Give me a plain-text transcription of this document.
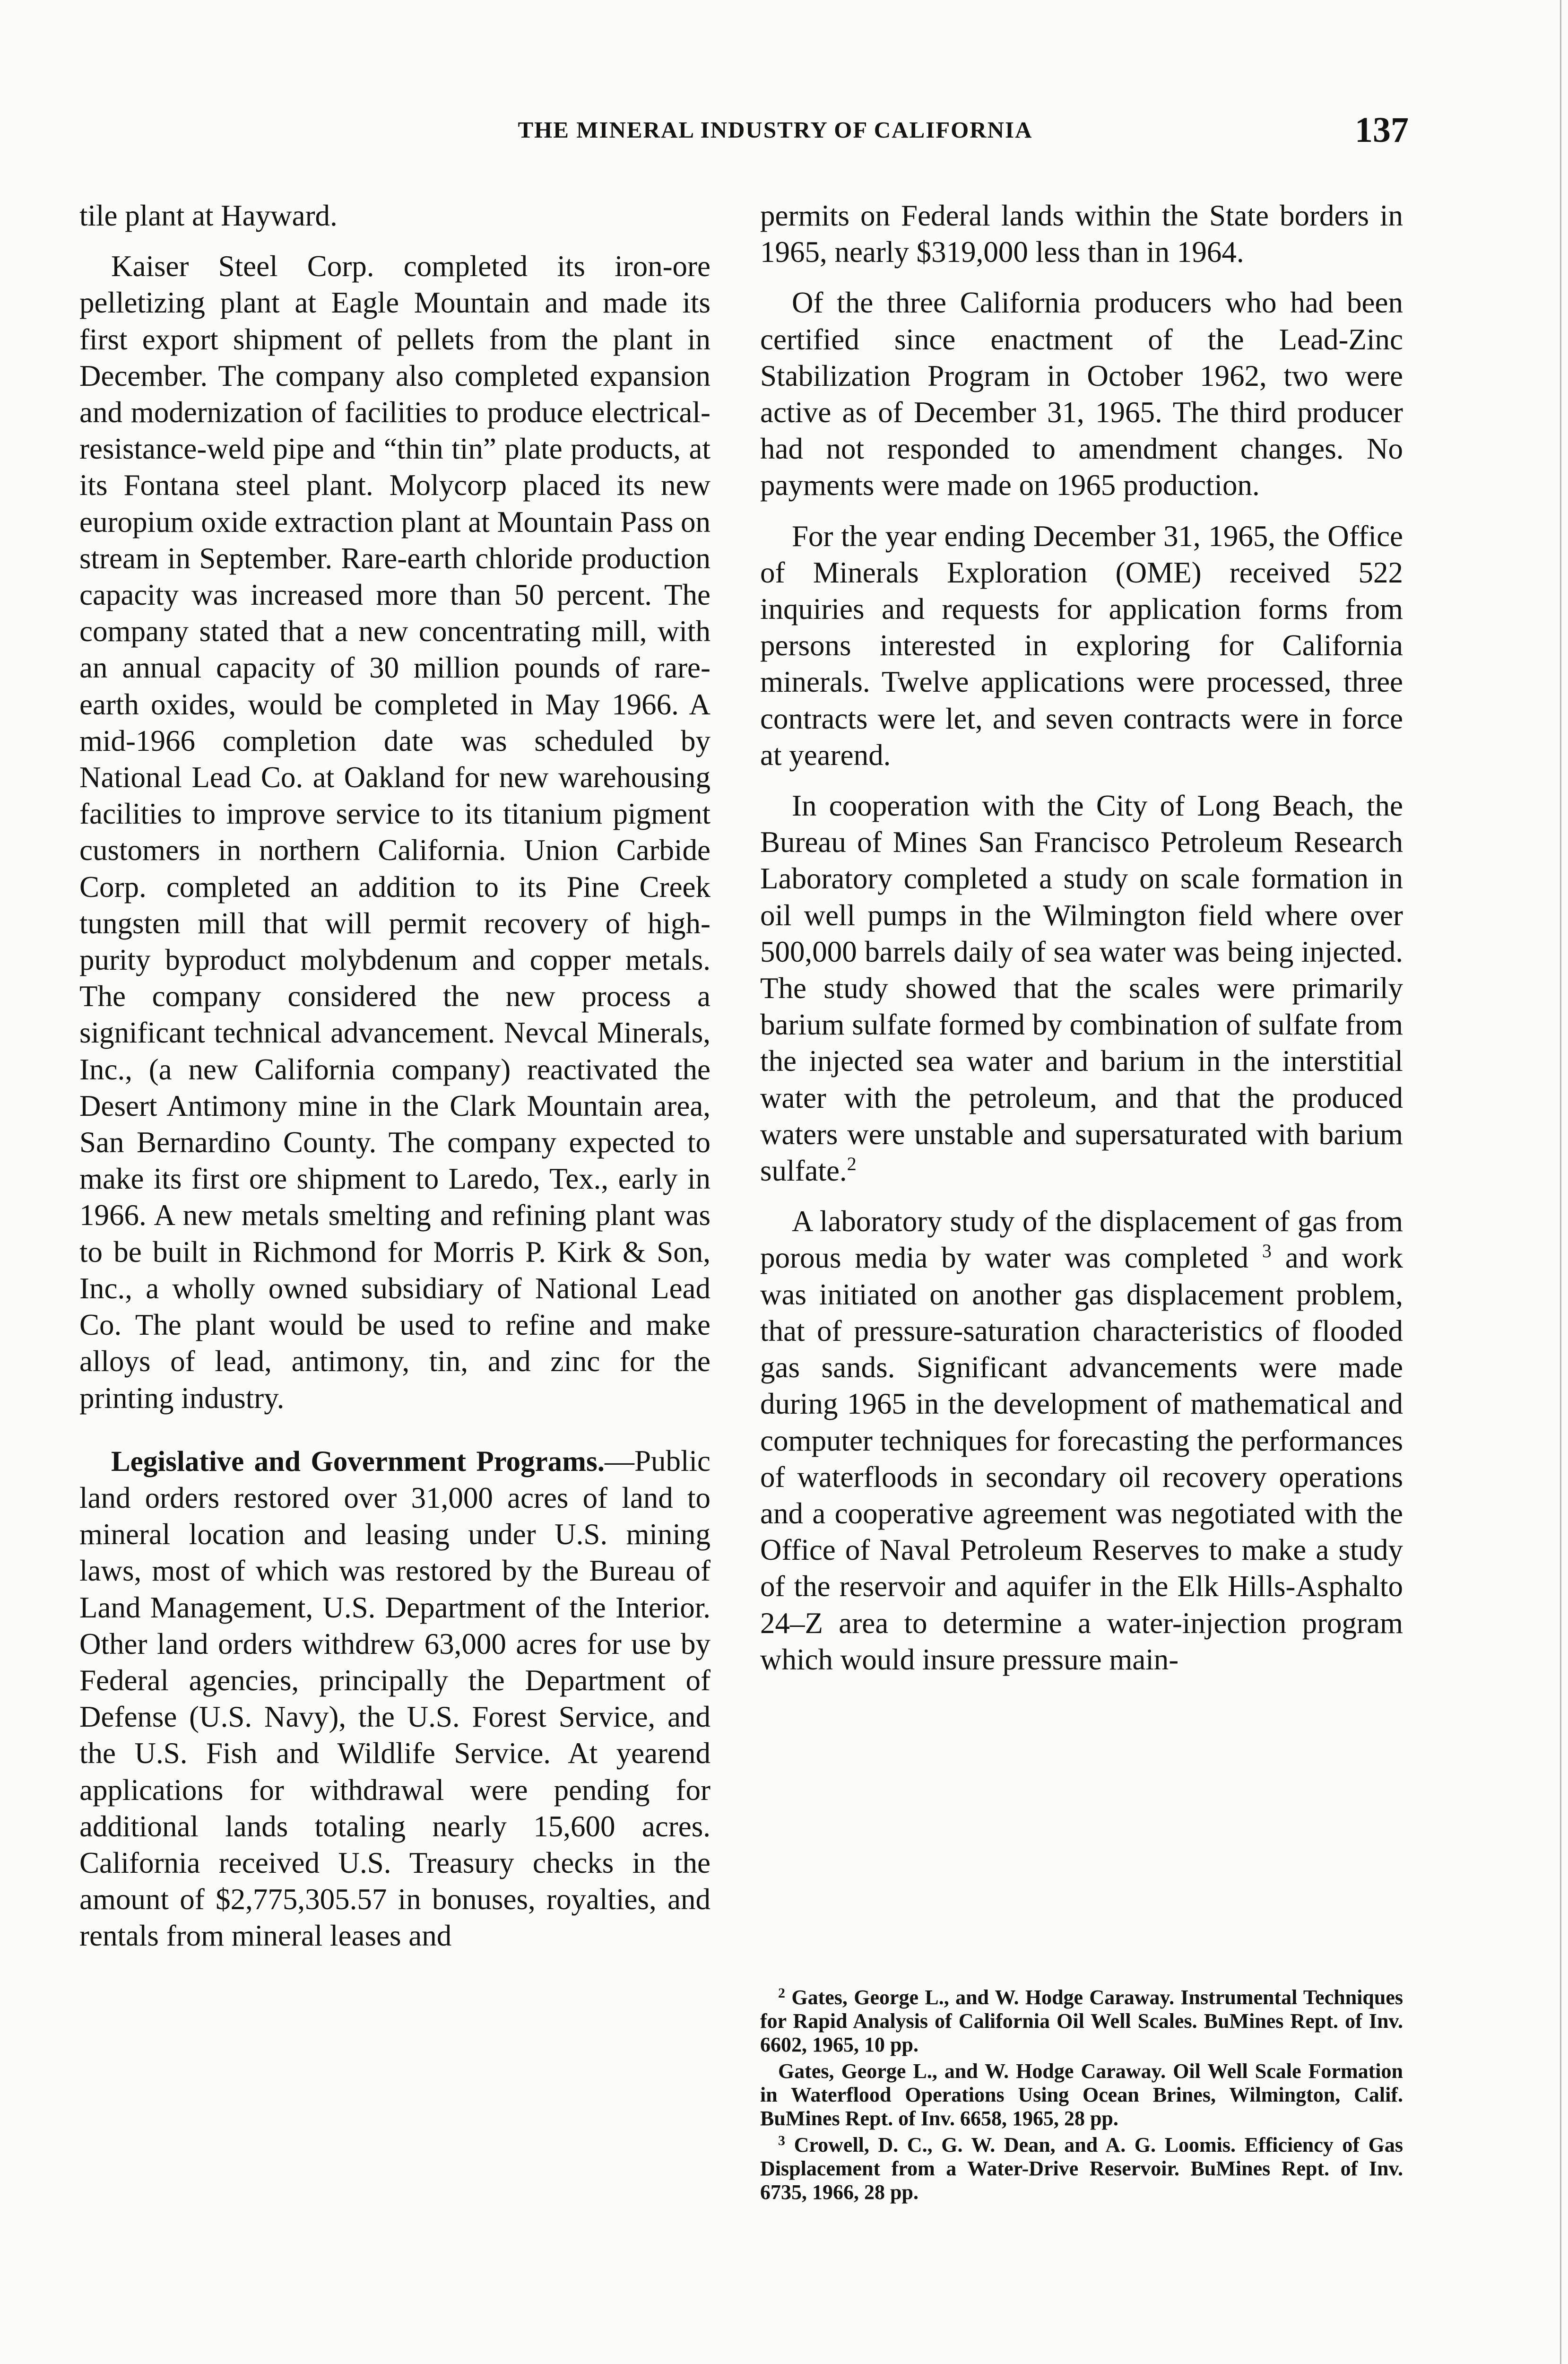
THE MINERAL INDUSTRY OF CALIFORNIA	137

tile plant at Hayward.

Kaiser Steel Corp. completed its iron-ore pelletizing plant at Eagle Mountain and made its first export shipment of pellets from the plant in December. The company also completed expansion and modernization of facilities to produce electrical-resistance-weld pipe and “thin tin” plate products, at its Fontana steel plant. Molycorp placed its new europium oxide extraction plant at Mountain Pass on stream in September. Rare-earth chloride production capacity was increased more than 50 percent. The company stated that a new concentrating mill, with an annual capacity of 30 million pounds of rare-earth oxides, would be completed in May 1966. A mid-1966 completion date was scheduled by National Lead Co. at Oakland for new warehousing facilities to improve service to its titanium pigment customers in northern California. Union Carbide Corp. completed an addition to its Pine Creek tungsten mill that will permit recovery of high-purity byproduct molybdenum and copper metals. The company considered the new process a significant technical advancement. Nevcal Minerals, Inc., (a new California company) reactivated the Desert Antimony mine in the Clark Mountain area, San Bernardino County. The company expected to make its first ore shipment to Laredo, Tex., early in 1966. A new metals smelting and refining plant was to be built in Richmond for Morris P. Kirk & Son, Inc., a wholly owned subsidiary of National Lead Co. The plant would be used to refine and make alloys of lead, antimony, tin, and zinc for the printing industry.

Legislative and Government Programs.—Public land orders restored over 31,000 acres of land to mineral location and leasing under U.S. mining laws, most of which was restored by the Bureau of Land Management, U.S. Department of the Interior. Other land orders withdrew 63,000 acres for use by Federal agencies, principally the Department of Defense (U.S. Navy), the U.S. Forest Service, and the U.S. Fish and Wildlife Service. At yearend applications for withdrawal were pending for additional lands totaling nearly 15,600 acres. California received U.S. Treasury checks in the amount of $2,775,305.57 in bonuses, royalties, and rentals from mineral leases and

permits on Federal lands within the State borders in 1965, nearly $319,000 less than in 1964.

Of the three California producers who had been certified since enactment of the Lead-Zinc Stabilization Program in October 1962, two were active as of December 31, 1965. The third producer had not responded to amendment changes. No payments were made on 1965 production.

For the year ending December 31, 1965, the Office of Minerals Exploration (OME) received 522 inquiries and requests for application forms from persons interested in exploring for California minerals. Twelve applications were processed, three contracts were let, and seven contracts were in force at yearend.

In cooperation with the City of Long Beach, the Bureau of Mines San Francisco Petroleum Research Laboratory completed a study on scale formation in oil well pumps in the Wilmington field where over 500,000 barrels daily of sea water was being injected. The study showed that the scales were primarily barium sulfate formed by combination of sulfate from the injected sea water and barium in the interstitial water with the petroleum, and that the produced waters were unstable and supersaturated with barium sulfate.$^2$

A laboratory study of the displacement of gas from porous media by water was completed $^3$ and work was initiated on another gas displacement problem, that of pressure-saturation characteristics of flooded gas sands. Significant advancements were made during 1965 in the development of mathematical and computer techniques for forecasting the performances of waterfloods in secondary oil recovery operations and a cooperative agreement was negotiated with the Office of Naval Petroleum Reserves to make a study of the reservoir and aquifer in the Elk Hills-Asphalto 24–Z area to determine a water-injection program which would insure pressure main-

$^2$ Gates, George L., and W. Hodge Caraway. Instrumental Techniques for Rapid Analysis of California Oil Well Scales. BuMines Rept. of Inv. 6602, 1965, 10 pp.

Gates, George L., and W. Hodge Caraway. Oil Well Scale Formation in Waterflood Operations Using Ocean Brines, Wilmington, Calif. BuMines Rept. of Inv. 6658, 1965, 28 pp.

$^3$ Crowell, D. C., G. W. Dean, and A. G. Loomis. Efficiency of Gas Displacement from a Water-Drive Reservoir. BuMines Rept. of Inv. 6735, 1966, 28 pp.
